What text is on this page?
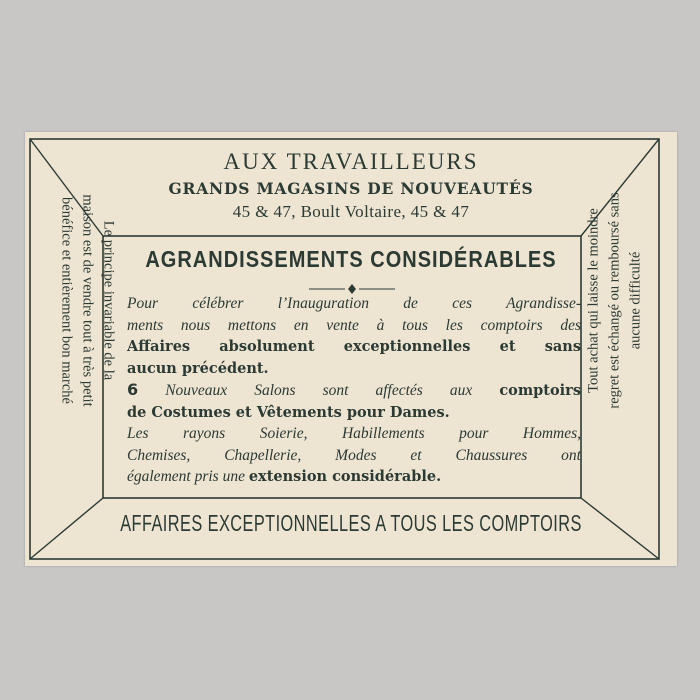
AUX TRAVAILLEURS
GRANDS MAGASINS DE NOUVEAUTÉS
45 & 47, Boult Voltaire, 45 & 47
AGRANDISSEMENTS CONSIDÉRABLES
Pour célébrer l’Inauguration de ces Agrandisse-
ments nous mettons en vente à tous les comptoirs des
Affaires absolument exceptionnelles et sans
aucun précédent.
6 Nouveaux Salons sont affectés aux comptoirs
de Costumes et Vêtements pour Dames.
Les rayons Soierie, Habillements pour Hommes,
Chemises, Chapellerie, Modes et Chaussures ont
également pris une extension considérable.
AFFAIRES EXCEPTIONNELLES A TOUS LES COMPTOIRS
Le principe invariable de la
maison est de vendre tout à très petit
bénéfice et entièrement bon marché	Tout achat qui laisse le moindre regret est échangé ou remboursé sans aucune difficulté
